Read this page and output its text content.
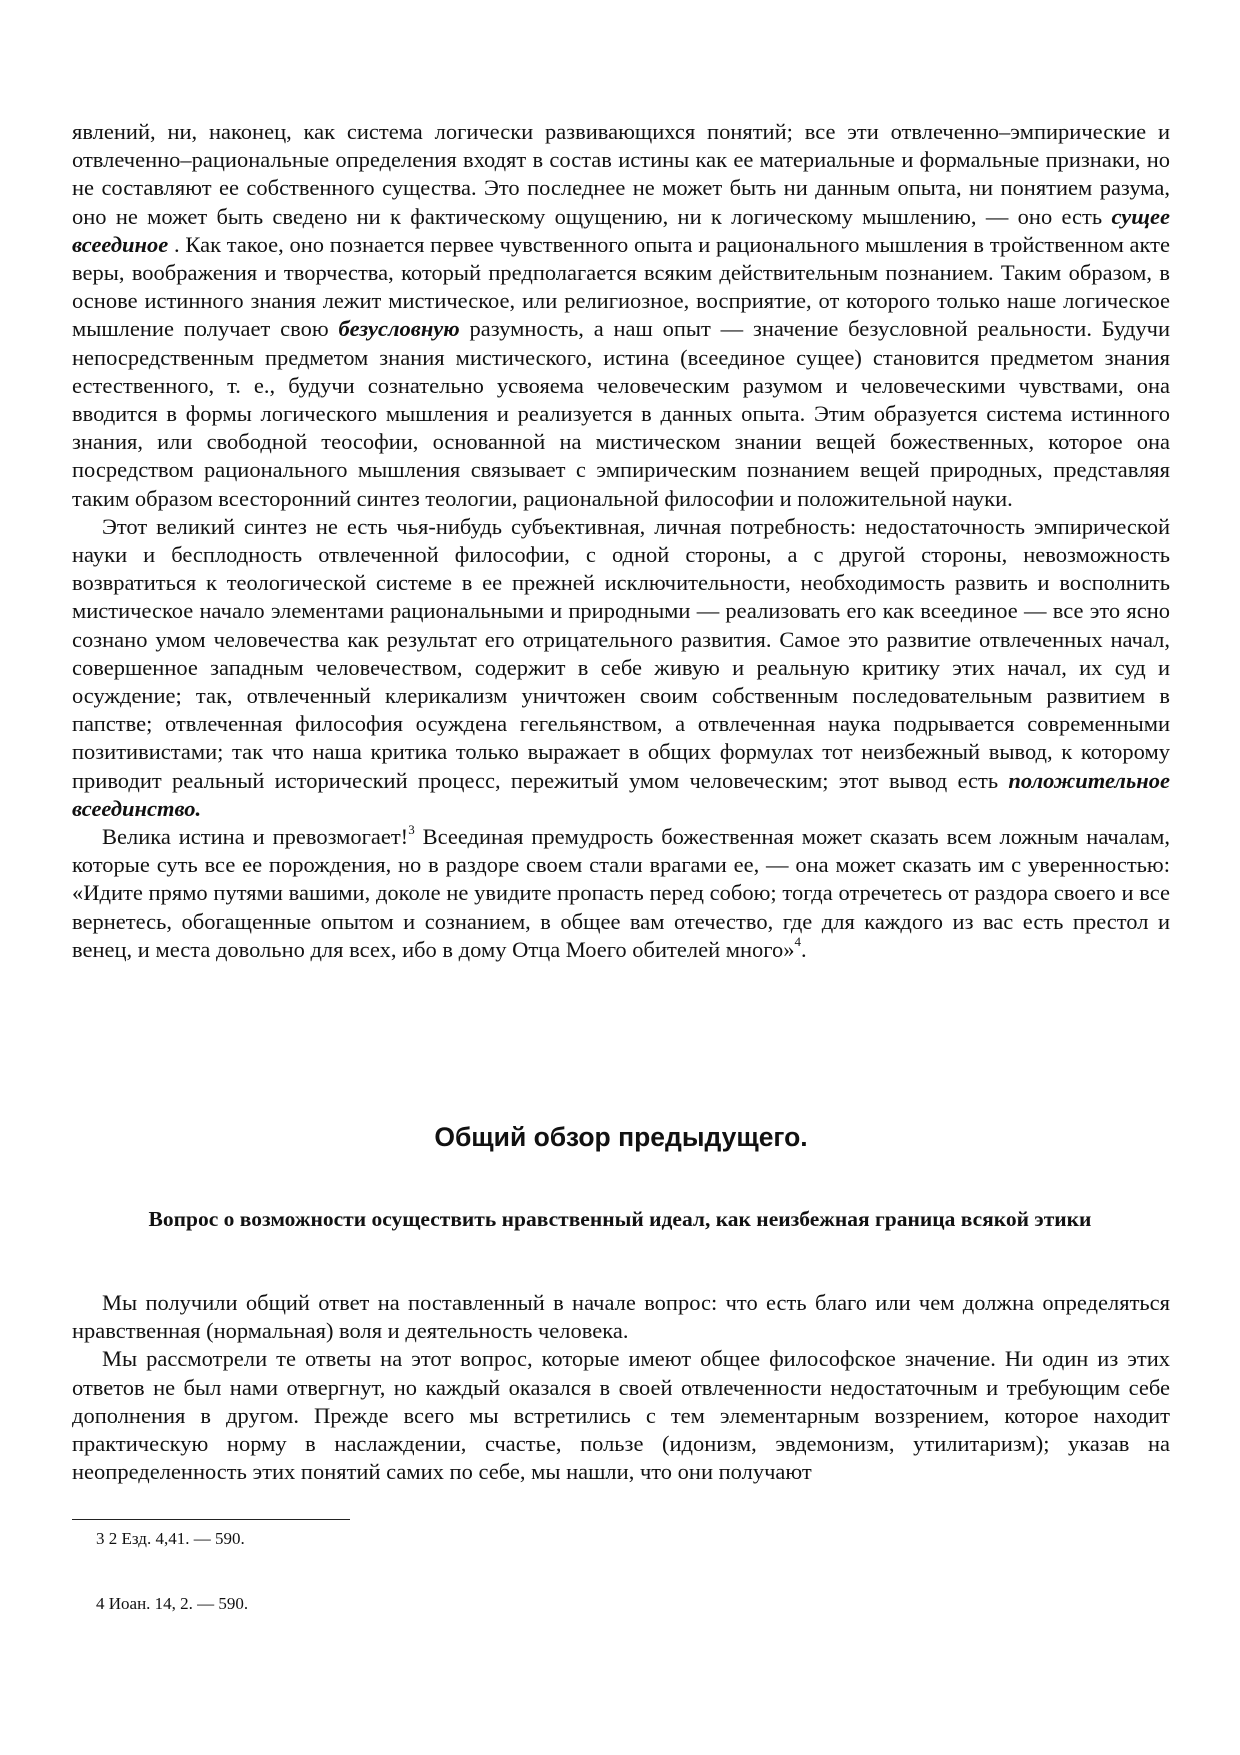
явлений, ни, наконец, как система логически развивающихся понятий; все эти отвлеченно–эмпирические и отвлеченно–рациональные определения входят в состав истины как ее материальные и формальные признаки, но не составляют ее собственного существа. Это последнее не может быть ни данным опыта, ни понятием разума, оно не может быть сведено ни к фактическому ощущению, ни к логическому мышлению, — оно есть сущее всеединое . Как такое, оно познается первее чувственного опыта и рационального мышления в тройственном акте веры, воображения и творчества, который предполагается всяким действительным познанием. Таким образом, в основе истинного знания лежит мистическое, или религиозное, восприятие, от которого только наше логическое мышление получает свою безусловную разумность, а наш опыт — значение безусловной реальности. Будучи непосредственным предметом знания мистического, истина (всеединое сущее) становится предметом знания естественного, т. е., будучи сознательно усвояема человеческим разумом и человеческими чувствами, она вводится в формы логического мышления и реализуется в данных опыта. Этим образуется система истинного знания, или свободной теософии, основанной на мистическом знании вещей божественных, которое она посредством рационального мышления связывает с эмпирическим познанием вещей природных, представляя таким образом всесторонний синтез теологии, рациональной философии и положительной науки.

Этот великий синтез не есть чья-нибудь субъективная, личная потребность: недостаточность эмпирической науки и бесплодность отвлеченной философии, с одной стороны, а с другой стороны, невозможность возвратиться к теологической системе в ее прежней исключительности, необходимость развить и восполнить мистическое начало элементами рациональными и природными — реализовать его как всеединое — все это ясно сознано умом человечества как результат его отрицательного развития. Самое это развитие отвлеченных начал, совершенное западным человечеством, содержит в себе живую и реальную критику этих начал, их суд и осуждение; так, отвлеченный клерикализм уничтожен своим собственным последовательным развитием в папстве; отвлеченная философия осуждена гегельянством, а отвлеченная наука подрывается современными позитивистами; так что наша критика только выражает в общих формулах тот неизбежный вывод, к которому приводит реальный исторический процесс, пережитый умом человеческим; этот вывод есть положительное всеединство.

Велика истина и превозмогает!$^3$ Всеединая премудрость божественная может сказать всем ложным началам, которые суть все ее порождения, но в раздоре своем стали врагами ее, — она может сказать им с уверенностью: «Идите прямо путями вашими, доколе не увидите пропасть перед собою; тогда отречетесь от раздора своего и все вернетесь, обогащенные опытом и сознанием, в общее вам отечество, где для каждого из вас есть престол и венец, и места довольно для всех, ибо в дому Отца Моего обителей много»$^4$.

Общий обзор предыдущего.
Вопрос о возможности осуществить нравственный идеал, как неизбежная граница всякой этики

Мы получили общий ответ на поставленный в начале вопрос: что есть благо или чем должна определяться нравственная (нормальная) воля и деятельность человека.

Мы рассмотрели те ответы на этот вопрос, которые имеют общее философское значение. Ни один из этих ответов не был нами отвергнут, но каждый оказался в своей отвлеченности недостаточным и требующим себе дополнения в другом. Прежде всего мы встретились с тем элементарным воззрением, которое находит практическую норму в наслаждении, счастье, пользе (идонизм, эвдемонизм, утилитаризм); указав на неопределенность этих понятий самих по себе, мы нашли, что они получают

3 2 Езд. 4,41. — 590.

4 Иоан. 14, 2. — 590.
